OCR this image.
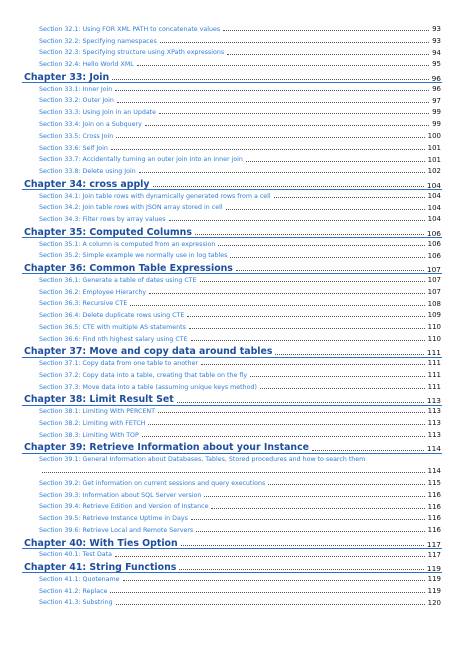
Section 32.1: Using FOR XML PATH to concatenate values	93
Section 32.2: Specifying namespaces	93
Section 32.3: Specifying structure using XPath expressions	94
Section 32.4: Hello World XML	95
Chapter 33: Join	96
Section 33.1: Inner Join	96
Section 33.2: Outer Join	97
Section 33.3: Using Join in an Update	99
Section 33.4: Join on a Subquery	99
Section 33.5: Cross Join	100
Section 33.6: Self Join	101
Section 33.7: Accidentally turning an outer join into an inner join	101
Section 33.8: Delete using Join	102
Chapter 34: cross apply	104
Section 34.1: Join table rows with dynamically generated rows from a cell	104
Section 34.2: Join table rows with JSON array stored in cell	104
Section 34.3: Filter rows by array values	104
Chapter 35: Computed Columns	106
Section 35.1: A column is computed from an expression	106
Section 35.2: Simple example we normally use in log tables	106
Chapter 36: Common Table Expressions	107
Section 36.1: Generate a table of dates using CTE	107
Section 36.2: Employee Hierarchy	107
Section 36.3: Recursive CTE	108
Section 36.4: Delete duplicate rows using CTE	109
Section 36.5: CTE with multiple AS statements	110
Section 36.6: Find nth highest salary using CTE	110
Chapter 37: Move and copy data around tables	111
Section 37.1: Copy data from one table to another	111
Section 37.2: Copy data into a table, creating that table on the fly	111
Section 37.3: Move data into a table (assuming unique keys method)	111
Chapter 38: Limit Result Set	113
Section 38.1: Limiting With PERCENT	113
Section 38.2: Limiting with FETCH	113
Section 38.3: Limiting With TOP	113
Chapter 39: Retrieve Information about your Instance	114
Section 39.1: General Information about Databases, Tables, Stored procedures and how to search them
114
Section 39.2: Get information on current sessions and query executions	115
Section 39.3: Information about SQL Server version	116
Section 39.4: Retrieve Edition and Version of Instance	116
Section 39.5: Retrieve Instance Uptime in Days	116
Section 39.6: Retrieve Local and Remote Servers	116
Chapter 40: With Ties Option	117
Section 40.1: Test Data	117
Chapter 41: String Functions	119
Section 41.1: Quotename	119
Section 41.2: Replace	119
Section 41.3: Substring	120
